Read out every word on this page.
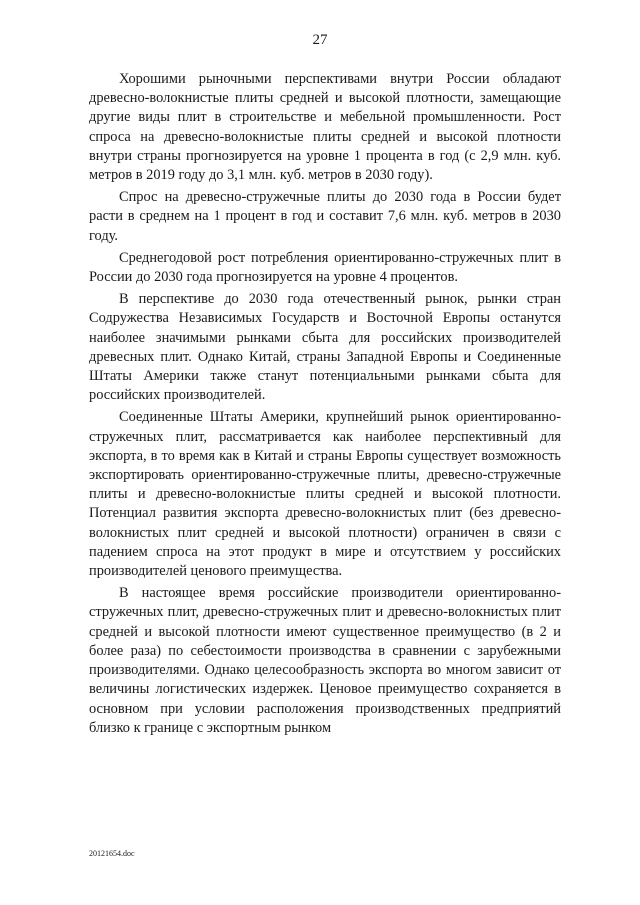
27

Хорошими рыночными перспективами внутри России обладают древесно-волокнистые плиты средней и высокой плотности, замещающие другие виды плит в строительстве и мебельной промышленности. Рост спроса на древесно-волокнистые плиты средней и высокой плотности внутри страны прогнозируется на уровне 1 процента в год (с 2,9 млн. куб. метров в 2019 году до 3,1 млн. куб. метров в 2030 году).

Спрос на древесно-стружечные плиты до 2030 года в России будет расти в среднем на 1 процент в год и составит 7,6 млн. куб. метров в 2030 году.

Среднегодовой рост потребления ориентированно-стружечных плит в России до 2030 года прогнозируется на уровне 4 процентов.

В перспективе до 2030 года отечественный рынок, рынки стран Содружества Независимых Государств и Восточной Европы останутся наиболее значимыми рынками сбыта для российских производителей древесных плит. Однако Китай, страны Западной Европы и Соединенные Штаты Америки также станут потенциальными рынками сбыта для российских производителей.

Соединенные Штаты Америки, крупнейший рынок ориентированно-стружечных плит, рассматривается как наиболее перспективный для экспорта, в то время как в Китай и страны Европы существует возможность экспортировать ориентированно-стружечные плиты, древесно-стружечные плиты и древесно-волокнистые плиты средней и высокой плотности. Потенциал развития экспорта древесно-волокнистых плит (без древесно-волокнистых плит средней и высокой плотности) ограничен в связи с падением спроса на этот продукт в мире и отсутствием у российских производителей ценового преимущества.

В настоящее время российские производители ориентированно-стружечных плит, древесно-стружечных плит и древесно-волокнистых плит средней и высокой плотности имеют существенное преимущество (в 2 и более раза) по себестоимости производства в сравнении с зарубежными производителями. Однако целесообразность экспорта во многом зависит от величины логистических издержек. Ценовое преимущество сохраняется в основном при условии расположения производственных предприятий близко к границе с экспортным рынком

20121654.doc
